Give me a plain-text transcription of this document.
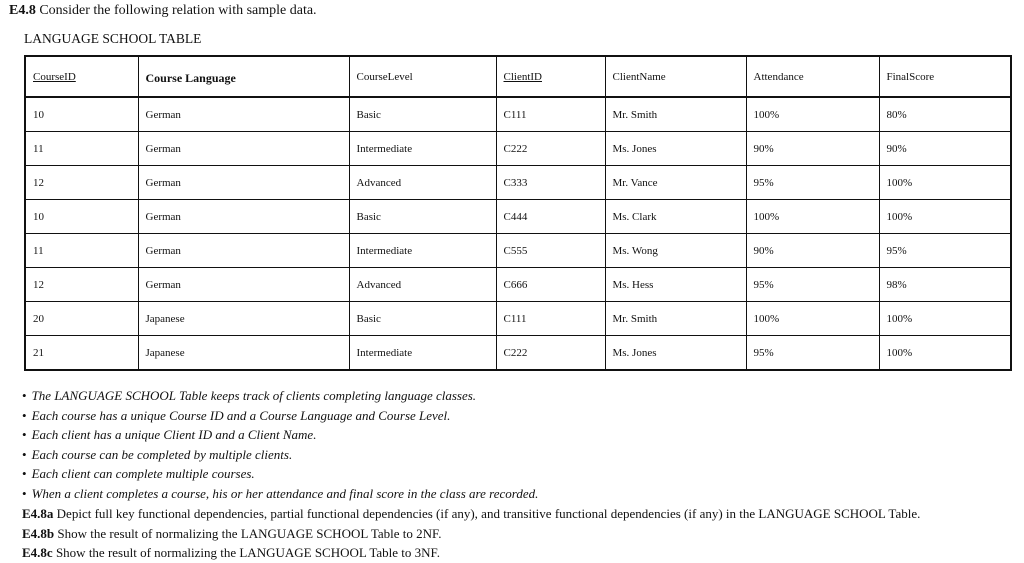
E4.8 Consider the following relation with sample data.
LANGUAGE SCHOOL TABLE
CourseID	Course Language	CourseLevel	ClientID	ClientName	Attendance	FinalScore
10	German	Basic	C111	Mr. Smith	100%	80%
11	German	Intermediate	C222	Ms. Jones	90%	90%
12	German	Advanced	C333	Mr. Vance	95%	100%
10	German	Basic	C444	Ms. Clark	100%	100%
11	German	Intermediate	C555	Ms. Wong	90%	95%
12	German	Advanced	C666	Ms. Hess	95%	98%
20	Japanese	Basic	C111	Mr. Smith	100%	100%
21	Japanese	Intermediate	C222	Ms. Jones	95%	100%
• The LANGUAGE SCHOOL Table keeps track of clients completing language classes.
• Each course has a unique Course ID and a Course Language and Course Level.
• Each client has a unique Client ID and a Client Name.
• Each course can be completed by multiple clients.
• Each client can complete multiple courses.
• When a client completes a course, his or her attendance and final score in the class are recorded.
E4.8a Depict full key functional dependencies, partial functional dependencies (if any), and transitive functional dependencies (if any) in the LANGUAGE SCHOOL Table.
E4.8b Show the result of normalizing the LANGUAGE SCHOOL Table to 2NF.
E4.8c Show the result of normalizing the LANGUAGE SCHOOL Table to 3NF.
